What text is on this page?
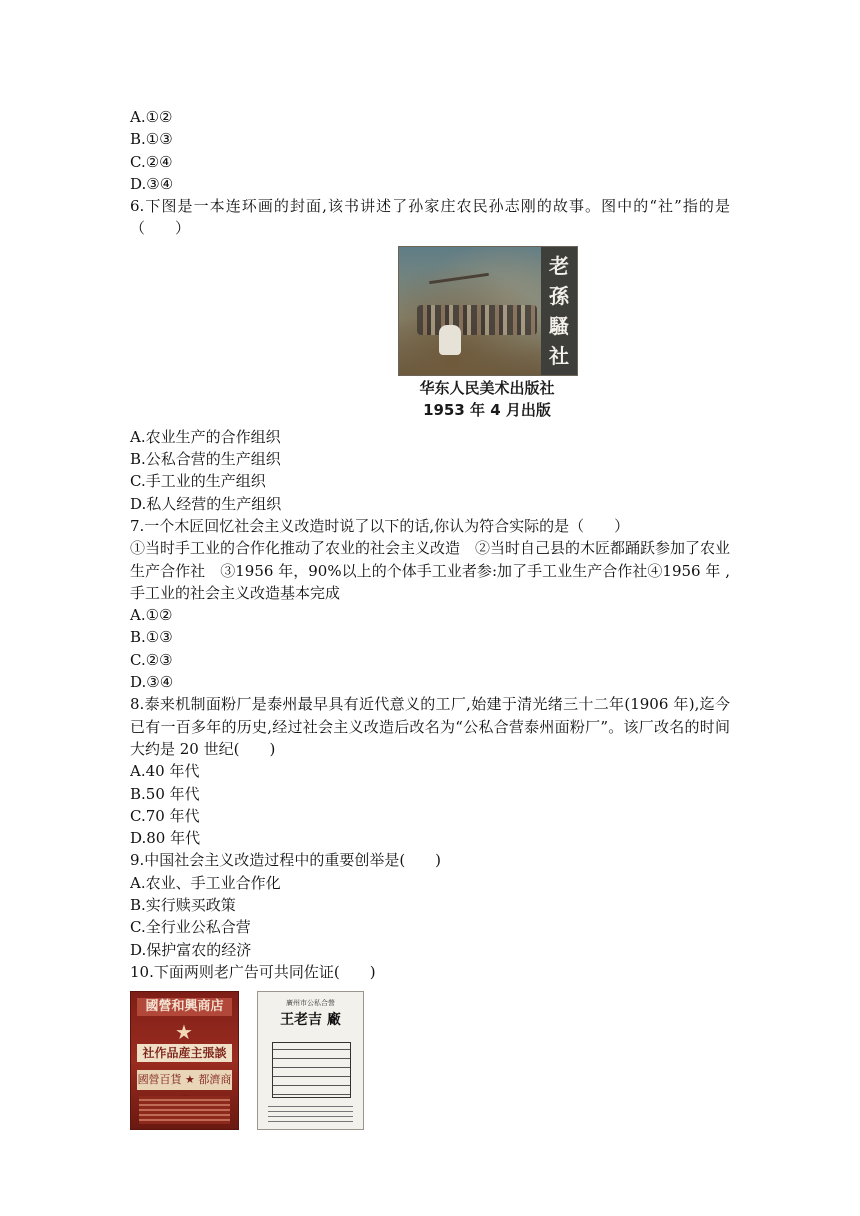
A.①②
B.①③
C.②④
D.③④
6.下图是一本连环画的封面,该书讲述了孙家庄农民孙志刚的故事。图中的“社”指的是（　　）
老
孫
騷
社
华东人民美术出版社
1953 年 4 月出版
A.农业生产的合作组织
B.公私合营的生产组织
C.手工业的生产组织
D.私人经营的生产组织
7.一个木匠回忆社会主义改造时说了以下的话,你认为符合实际的是（　　）
①当时手工业的合作化推动了农业的社会主义改造　②当时自己县的木匠都踊跃参加了农业生产合作社　③1956 年，90%以上的个体手工业者参:加了手工业生产合作社④1956 年 ,手工业的社会主义改造基本完成
A.①②
B.①③
C.②③
D.③④
8.泰来机制面粉厂是泰州最早具有近代意义的工厂,始建于清光绪三十二年(1906 年),迄今已有一百多年的历史,经过社会主义改造后改名为“公私合营泰州面粉厂”。该厂改名的时间大约是 20 世纪(　　)
A.40 年代
B.50 年代
C.70 年代
D.80 年代
9.中国社会主义改造过程中的重要创举是(　　)
A.农业、手工业合作化
B.实行赎买政策
C.全行业公私合营
D.保护富农的经济
10.下面两则老广告可共同佐证(　　)
國營和興商店
★
社作品産主張談
國營百貨 ★ 都濟商
廣州市公私合營
王老吉 廠
